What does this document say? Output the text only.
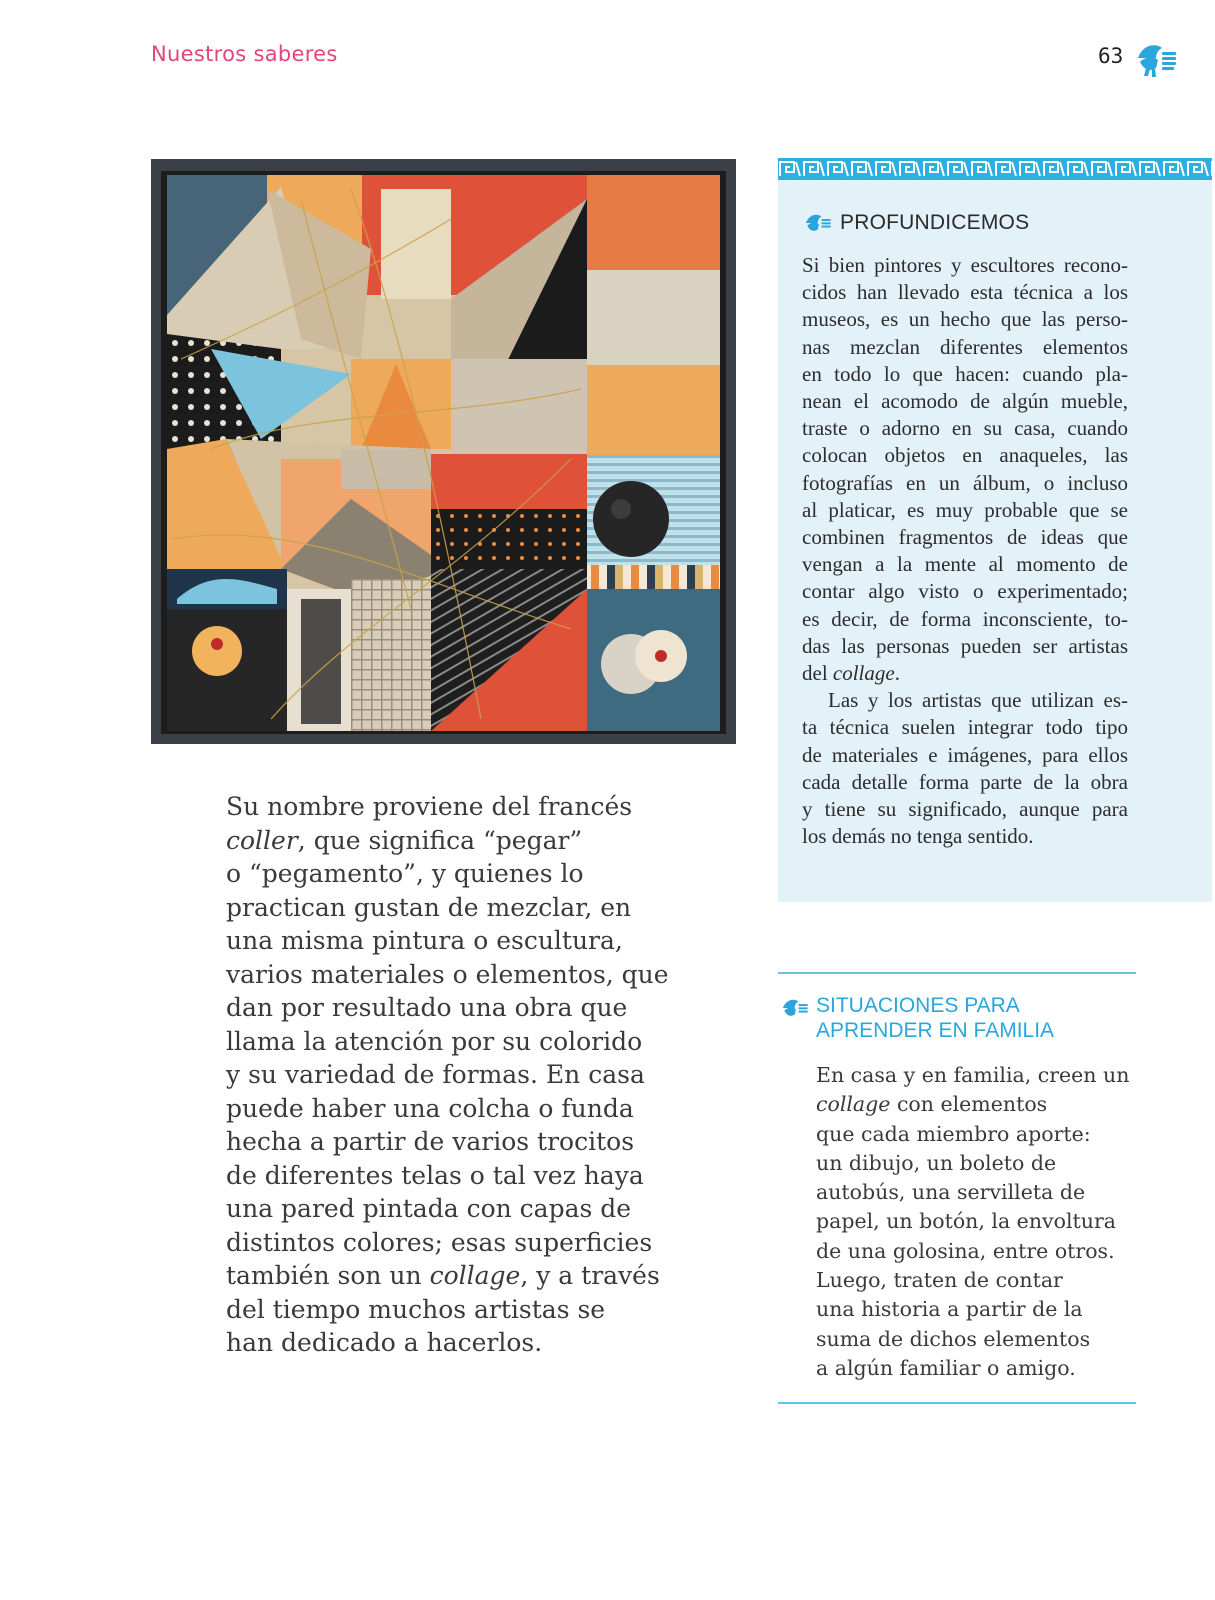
Nuestros saberes	63

Su nombre proviene del francés
coller, que significa “pegar”
o “pegamento”, y quienes lo
practican gustan de mezclar, en
una misma pintura o escultura,
varios materiales o elementos, que
dan por resultado una obra que
llama la atención por su colorido
y su variedad de formas. En casa
puede haber una colcha o funda
hecha a partir de varios trocitos
de diferentes telas o tal vez haya
una pared pintada con capas de
distintos colores; esas superficies
también son un collage, y a través
del tiempo muchos artistas se
han dedicado a hacerlos.

PROFUNDICEMOS

Si bien pintores y escultores recono-
cidos han llevado esta técnica a los
museos, es un hecho que las perso-
nas mezclan diferentes elementos
en todo lo que hacen: cuando pla-
nean el acomodo de algún mueble,
traste o adorno en su casa, cuando
colocan objetos en anaqueles, las
fotografías en un álbum, o incluso
al platicar, es muy probable que se
combinen fragmentos de ideas que
vengan a la mente al momento de
contar algo visto o experimentado;
es decir, de forma inconsciente, to-
das las personas pueden ser artistas
del collage.
Las y los artistas que utilizan es-
ta técnica suelen integrar todo tipo
de materiales e imágenes, para ellos
cada detalle forma parte de la obra
y tiene su significado, aunque para
los demás no tenga sentido.

SITUACIONES PARA
APRENDER EN FAMILIA

En casa y en familia, creen un
collage con elementos
que cada miembro aporte:
un dibujo, un boleto de
autobús, una servilleta de
papel, un botón, la envoltura
de una golosina, entre otros.
Luego, traten de contar
una historia a partir de la
suma de dichos elementos
a algún familiar o amigo.
